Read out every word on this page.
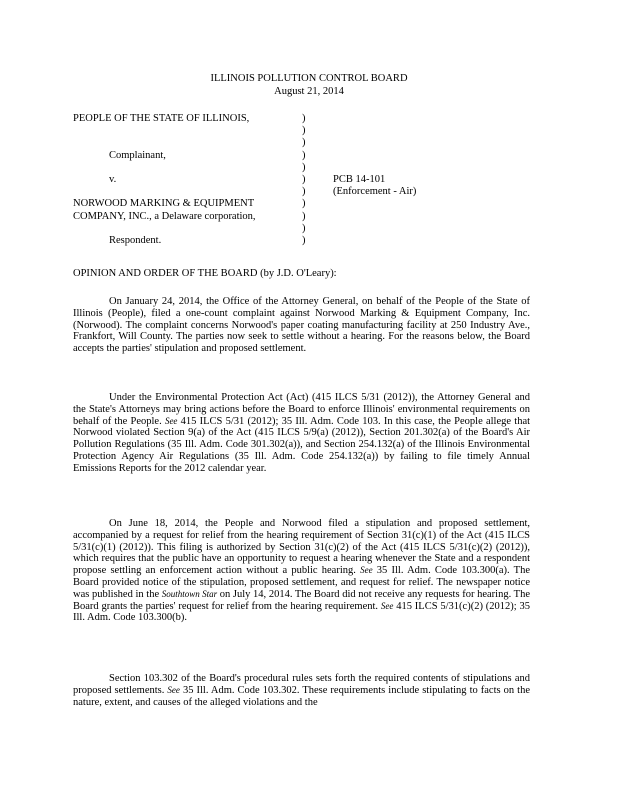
ILLINOIS POLLUTION CONTROL BOARD
August 21, 2014
PEOPLE OF THE STATE OF ILLINOIS,
Complainant,
v.
NORWOOD MARKING & EQUIPMENT
COMPANY, INC., a Delaware corporation,
Respondent.
)
)
)
)
)
)
)
)
)
)
)
PCB 14-101
(Enforcement - Air)
OPINION AND ORDER OF THE BOARD (by J.D. O'Leary):

On January 24, 2014, the Office of the Attorney General, on behalf of the People of the State of Illinois (People), filed a one-count complaint against Norwood Marking & Equipment Company, Inc. (Norwood). The complaint concerns Norwood's paper coating manufacturing facility at 250 Industry Ave., Frankfort, Will County. The parties now seek to settle without a hearing. For the reasons below, the Board accepts the parties' stipulation and proposed settlement.

Under the Environmental Protection Act (Act) (415 ILCS 5/31 (2012)), the Attorney General and the State's Attorneys may bring actions before the Board to enforce Illinois' environmental requirements on behalf of the People. See 415 ILCS 5/31 (2012); 35 Ill. Adm. Code 103. In this case, the People allege that Norwood violated Section 9(a) of the Act (415 ILCS 5/9(a) (2012)), Section 201.302(a) of the Board's Air Pollution Regulations (35 Ill. Adm. Code 301.302(a)), and Section 254.132(a) of the Illinois Environmental Protection Agency Air Regulations (35 Ill. Adm. Code 254.132(a)) by failing to file timely Annual Emissions Reports for the 2012 calendar year.

On June 18, 2014, the People and Norwood filed a stipulation and proposed settlement, accompanied by a request for relief from the hearing requirement of Section 31(c)(1) of the Act (415 ILCS 5/31(c)(1) (2012)). This filing is authorized by Section 31(c)(2) of the Act (415 ILCS 5/31(c)(2) (2012)), which requires that the public have an opportunity to request a hearing whenever the State and a respondent propose settling an enforcement action without a public hearing. See 35 Ill. Adm. Code 103.300(a). The Board provided notice of the stipulation, proposed settlement, and request for relief. The newspaper notice was published in the Southtown Star on July 14, 2014. The Board did not receive any requests for hearing. The Board grants the parties' request for relief from the hearing requirement. See 415 ILCS 5/31(c)(2) (2012); 35 Ill. Adm. Code 103.300(b).

Section 103.302 of the Board's procedural rules sets forth the required contents of stipulations and proposed settlements. See 35 Ill. Adm. Code 103.302. These requirements include stipulating to facts on the nature, extent, and causes of the alleged violations and the
